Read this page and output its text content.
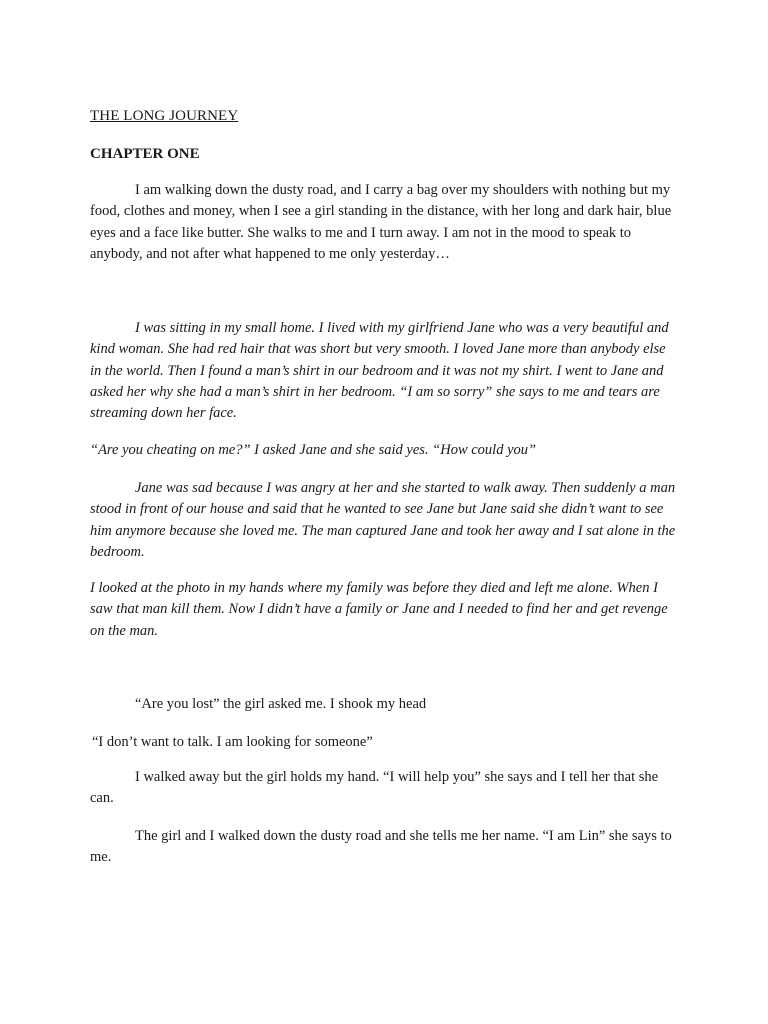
THE LONG JOURNEY
CHAPTER ONE

I am walking down the dusty road, and I carry a bag over my shoulders with nothing but my food, clothes and money, when I see a girl standing in the distance, with her long and dark hair, blue eyes and a face like butter. She walks to me and I turn away. I am not in the mood to speak to anybody, and not after what happened to me only yesterday…

I was sitting in my small home. I lived with my girlfriend Jane who was a very beautiful and kind woman. She had red hair that was short but very smooth. I loved Jane more than anybody else in the world. Then I found a man’s shirt in our bedroom and it was not my shirt. I went to Jane and asked her why she had a man’s shirt in her bedroom. “I am so sorry” she says to me and tears are streaming down her face.

“Are you cheating on me?” I asked Jane and she said yes. “How could you”

Jane was sad because I was angry at her and she started to walk away. Then suddenly a man stood in front of our house and said that he wanted to see Jane but Jane said she didn’t want to see him anymore because she loved me. The man captured Jane and took her away and I sat alone in the bedroom.

I looked at the photo in my hands where my family was before they died and left me alone. When I saw that man kill them. Now I didn’t have a family or Jane and I needed to find her and get revenge on the man.

“Are you lost” the girl asked me. I shook my head

“I don’t want to talk. I am looking for someone”

I walked away but the girl holds my hand. “I will help you” she says and I tell her that she can.

The girl and I walked down the dusty road and she tells me her name. “I am Lin” she says to me.
